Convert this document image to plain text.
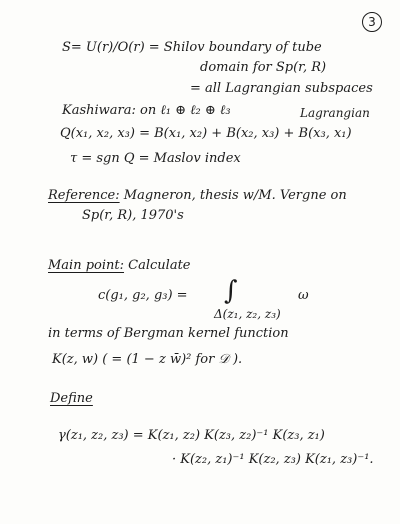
3
S= U(r)/O(r) = Shilov boundary of tube
domain for Sp(r, R)
= all Lagrangian subspaces
Kashiwara: on ℓ₁ ⊕ ℓ₂ ⊕ ℓ₃	Lagrangian
Q(x₁, x₂, x₃) = B(x₁, x₂) + B(x₂, x₃) + B(x₃, x₁)
τ = sgn Q = Maslov index
Reference: Magneron, thesis w/M. Vergne on
Sp(r, R), 1970's
Main point: Calculate
c(g₁, g₂, g₃) = ∫	ω
Δ(z₁, z₂, z₃)
in terms of Bergman kernel function
K(z, w) ( = (1 − z w̄)² for 𝒟 ).
Define
γ(z₁, z₂, z₃) = K(z₁, z₂) K(z₃, z₂)⁻¹ K(z₃, z₁)
· K(z₂, z₁)⁻¹ K(z₂, z₃) K(z₁, z₃)⁻¹.
